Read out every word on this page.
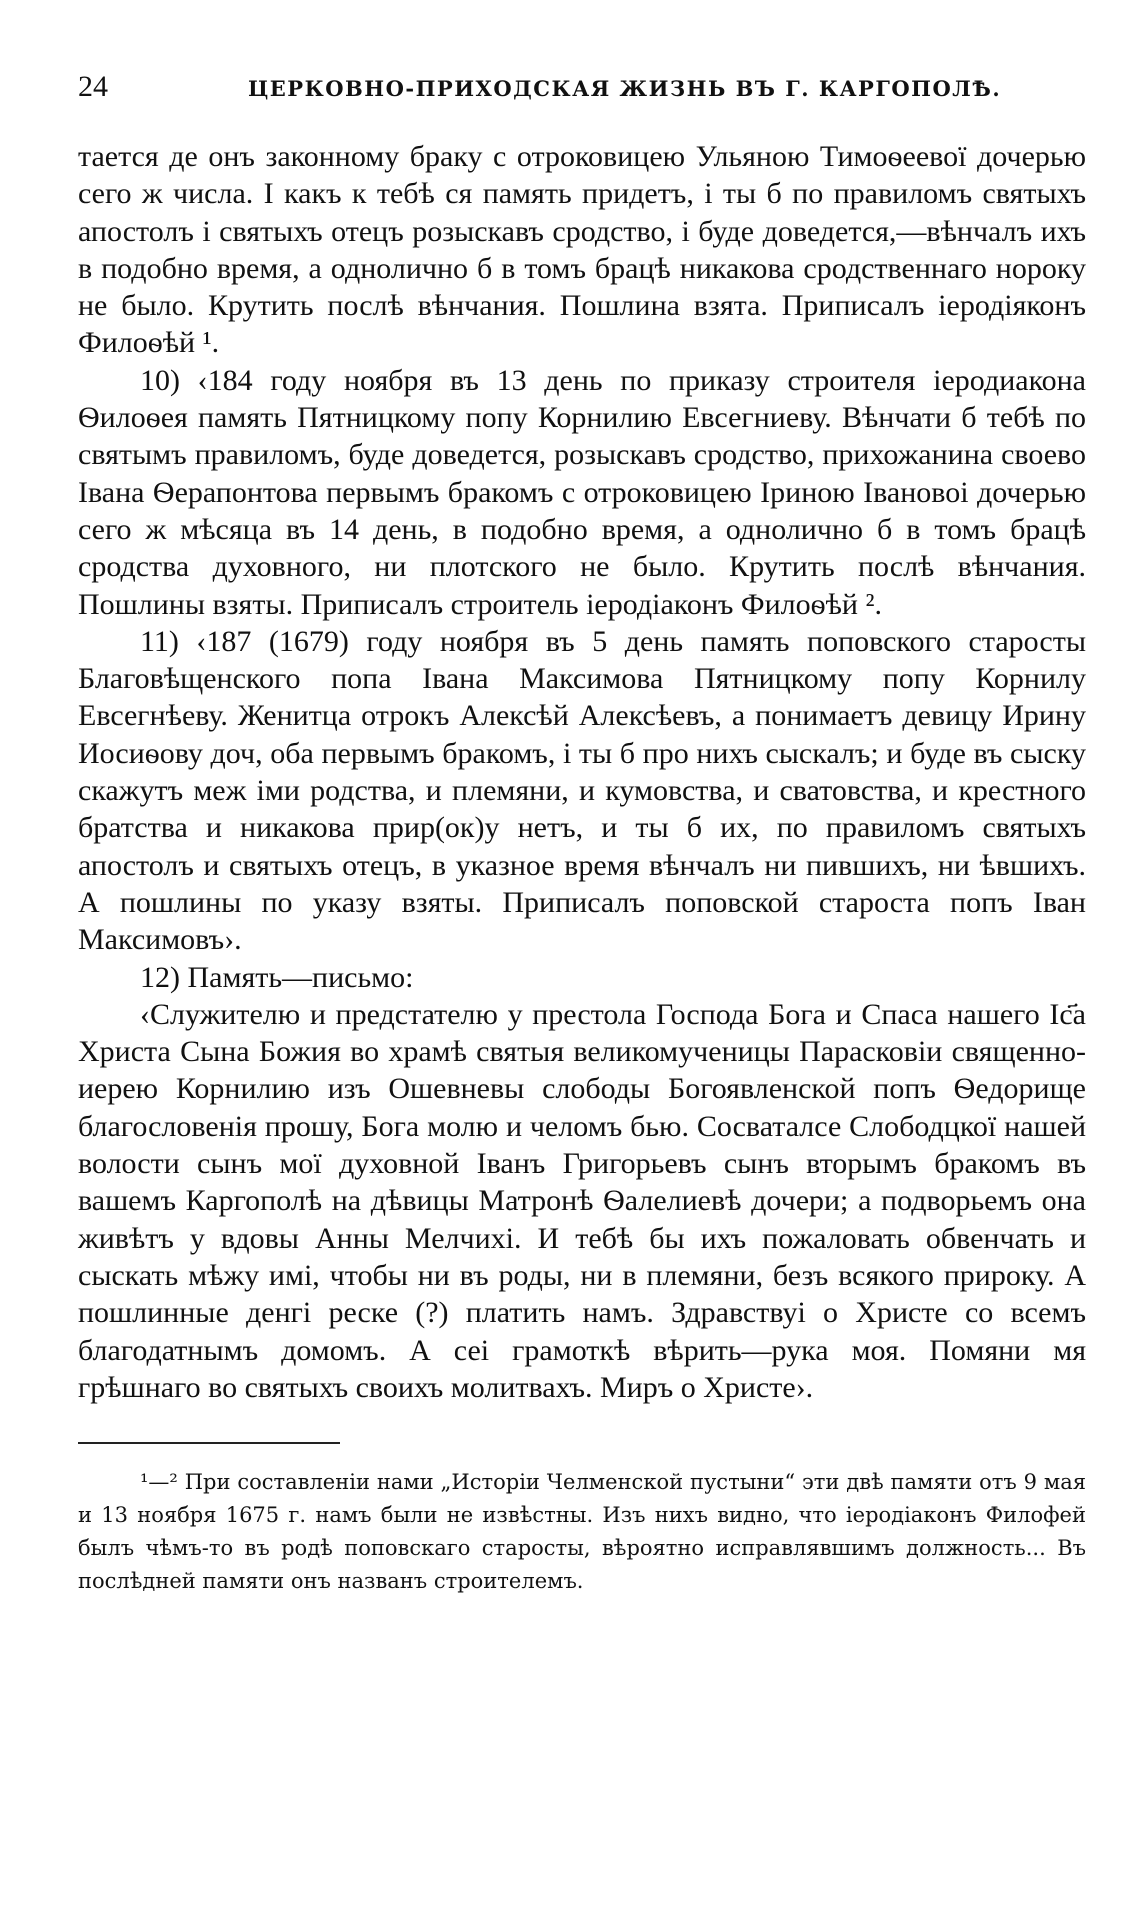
24	ЦЕРКОВНО-ПРИХОДСКАЯ ЖИЗНЬ ВЪ Г. КАРГОПОЛѢ.

тается де онъ законному браку с отроковицею Ульяною Тимоѳеевої дочерью сего ж числа. І какъ к тебѣ ся память придетъ, і ты б по правиломъ святыхъ апостолъ і святыхъ отецъ розыскавъ сродство, і буде доведется,—вѣнчалъ ихъ в подобно время, а однолично б в томъ брацѣ никакова сродственнаго нороку не было. Крутить послѣ вѣнчания. Пошлина взята. Приписалъ іеродіяконъ Филоѳѣй ¹.

10) ‹184 году ноября въ 13 день по приказу строителя іеродиакона Ѳилоѳея память Пятницкому попу Корнилию Евсегниеву. Вѣнчати б тебѣ по святымъ правиломъ, буде доведется, розыскавъ сродство, прихожанина своево Івана Ѳерапонтова первымъ бракомъ с отроковицею Іриною Івановоі дочерью сего ж мѣсяца въ 14 день, в подобно время, а однолично б в томъ брацѣ сродства духовного, ни плотского не было. Крутить послѣ вѣнчания. Пошлины взяты. Приписалъ строитель іеродіаконъ Филоѳѣй ².

11) ‹187 (1679) году ноября въ 5 день память поповского старосты Благовѣщенского попа Івана Максимова Пятницкому попу Корнилу Евсегнѣеву. Женитца отрокъ Алексѣй Алексѣевъ, а понимаетъ девицу Ирину Иосиѳову доч, оба первымъ бракомъ, і ты б про нихъ сыскалъ; и буде въ сыску скажутъ меж іми родства, и племяни, и кумовства, и сватовства, и крестного братства и никакова прир(ок)у нетъ, и ты б их, по правиломъ святыхъ апостолъ и святыхъ отецъ, в указное время вѣнчалъ ни пившихъ, ни ѣвшихъ. А пошлины по указу взяты. Приписалъ поповской староста попъ Іван Максимовъ›.

12) Память—письмо:

‹Служителю и предстателю у престола Господа Бога и Спаса нашего Іс҃а Христа Сына Божия во храмѣ святыя великомученицы Парасковіи священно-иерею Корнилию изъ Ошевневы слободы Богоявленской попъ Ѳедорище благословенія прошу, Бога молю и челомъ бью. Сосваталсе Слободцкої нашей волости сынъ мої духовной Іванъ Григорьевъ сынъ вторымъ бракомъ въ вашемъ Каргополѣ на дѣвицы Матронѣ Ѳалелиевѣ дочери; а подворьемъ она живѣтъ у вдовы Анны Мелчихі. И тебѣ бы ихъ пожаловать обвенчать и сыскать мѣжу имі, чтобы ни въ роды, ни в племяни, безъ всякого прироку. А пошлинные денгі реске (?) платить намъ. Здравствуі о Христе со всемъ благодатнымъ домомъ. А сеі грамоткѣ вѣрить—рука моя. Помяни мя грѣшнаго во святыхъ своихъ молитвахъ. Миръ о Христе›.

¹—² При составленіи нами „Исторіи Челменской пустыни“ эти двѣ памяти отъ 9 мая и 13 ноября 1675 г. намъ были не извѣстны. Изъ нихъ видно, что іеродіаконъ Филофей былъ чѣмъ-то въ родѣ поповскаго старосты, вѣроятно исправлявшимъ должность... Въ послѣдней памяти онъ названъ строителемъ.
